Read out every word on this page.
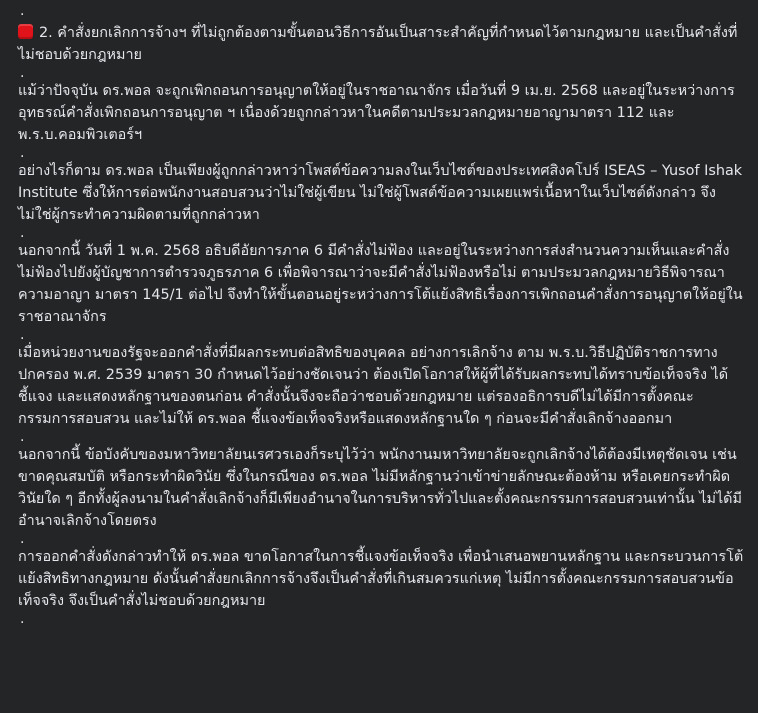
.

2. คำสั่งยกเลิกการจ้างฯ ที่ไม่ถูกต้องตามขั้นตอนวิธีการอันเป็นสาระสำคัญที่กำหนดไว้ตามกฎหมาย และเป็นคำสั่งที่ไม่ชอบด้วยกฎหมาย

.

แม้ว่าปัจจุบัน ดร.พอล จะถูกเพิกถอนการอนุญาตให้อยู่ในราชอาณาจักร เมื่อวันที่ 9 เม.ย. 2568 และอยู่ในระหว่างการอุทธรณ์คำสั่งเพิกถอนการอนุญาต ฯ เนื่องด้วยถูกกล่าวหาในคดีตามประมวลกฎหมายอาญามาตรา 112 และ พ.ร.บ.คอมพิวเตอร์ฯ

.

อย่างไรก็ตาม ดร.พอล เป็นเพียงผู้ถูกกล่าวหาว่าโพสต์ข้อความลงในเว็บไซต์ของประเทศสิงคโปร์ ISEAS – Yusof Ishak Institute ซึ่งให้การต่อพนักงานสอบสวนว่าไม่ใช่ผู้เขียน ไม่ใช่ผู้โพสต์ข้อความเผยแพร่เนื้อหาในเว็บไซต์ดังกล่าว จึงไม่ใช่ผู้กระทำความผิดตามที่ถูกกล่าวหา

.

นอกจากนี้ วันที่ 1 พ.ค. 2568 อธิบดีอัยการภาค 6 มีคำสั่งไม่ฟ้อง และอยู่ในระหว่างการส่งสำนวนความเห็นและคำสั่งไม่ฟ้องไปยังผู้บัญชาการตำรวจภูธรภาค 6 เพื่อพิจารณาว่าจะมีคำสั่งไม่ฟ้องหรือไม่ ตามประมวลกฎหมายวิธีพิจารณาความอาญา มาตรา 145/1 ต่อไป จึงทำให้ขั้นตอนอยู่ระหว่างการโต้แย้งสิทธิเรื่องการเพิกถอนคำสั่งการอนุญาตให้อยู่ในราชอาณาจักร

.

เมื่อหน่วยงานของรัฐจะออกคำสั่งที่มีผลกระทบต่อสิทธิของบุคคล อย่างการเลิกจ้าง ตาม พ.ร.บ.วิธีปฏิบัติราชการทางปกครอง พ.ศ. 2539 มาตรา 30 กำหนดไว้อย่างชัดเจนว่า ต้องเปิดโอกาสให้ผู้ที่ได้รับผลกระทบได้ทราบข้อเท็จจริง ได้ชี้แจง และแสดงหลักฐานของตนก่อน คำสั่งนั้นจึงจะถือว่าชอบด้วยกฎหมาย แต่รองอธิการบดีไม่ได้มีการตั้งคณะกรรมการสอบสวน และไม่ให้ ดร.พอล ชี้แจงข้อเท็จจริงหรือแสดงหลักฐานใด ๆ ก่อนจะมีคำสั่งเลิกจ้างออกมา

.

นอกจากนี้ ข้อบังคับของมหาวิทยาลัยนเรศวรเองก็ระบุไว้ว่า พนักงานมหาวิทยาลัยจะถูกเลิกจ้างได้ต้องมีเหตุชัดเจน เช่น ขาดคุณสมบัติ หรือกระทำผิดวินัย ซึ่งในกรณีของ ดร.พอล ไม่มีหลักฐานว่าเข้าข่ายลักษณะต้องห้าม หรือเคยกระทำผิดวินัยใด ๆ อีกทั้งผู้ลงนามในคำสั่งเลิกจ้างก็มีเพียงอำนาจในการบริหารทั่วไปและตั้งคณะกรรมการสอบสวนเท่านั้น ไม่ได้มีอำนาจเลิกจ้างโดยตรง

.

การออกคำสั่งดังกล่าวทำให้ ดร.พอล ขาดโอกาสในการชี้แจงข้อเท็จจริง เพื่อนำเสนอพยานหลักฐาน และกระบวนการโต้แย้งสิทธิทางกฎหมาย ดังนั้นคำสั่งยกเลิกการจ้างจึงเป็นคำสั่งที่เกินสมควรแก่เหตุ ไม่มีการตั้งคณะกรรมการสอบสวนข้อเท็จจริง จึงเป็นคำสั่งไม่ชอบด้วยกฎหมาย

.
